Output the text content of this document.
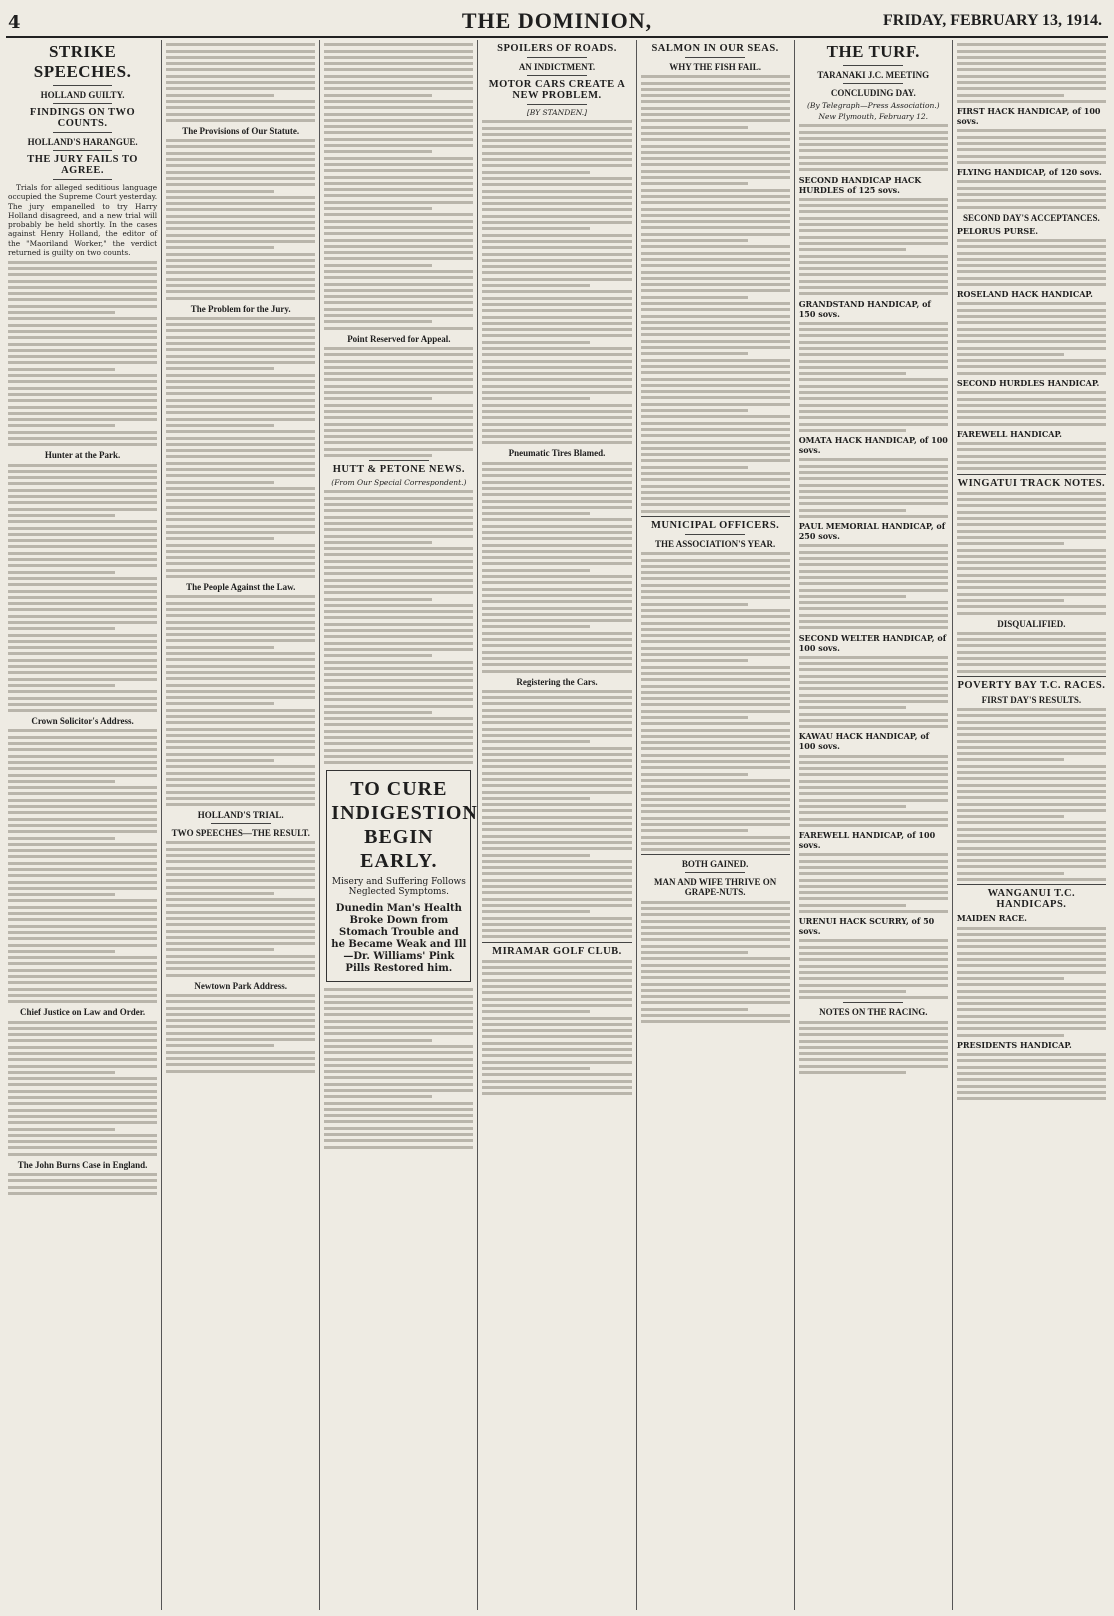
4	THE DOMINION,	FRIDAY, FEBRUARY 13, 1914.
STRIKE SPEECHES.
HOLLAND GUILTY.
FINDINGS ON TWO COUNTS.
HOLLAND'S HARANGUE.
THE JURY FAILS TO AGREE.

Trials for alleged seditious language occupied the Supreme Court yesterday. The jury empanelled to try Harry Holland disagreed, and a new trial will probably be held shortly. In the cases against Henry Holland, the editor of the "Maoriland Worker," the verdict returned is guilty on two counts.

Hunter at the Park.
Crown Solicitor's Address.
Chief Justice on Law and Order.
The John Burns Case in England.
The Provisions of Our Statute.
The Problem for the Jury.
The People Against the Law.
HOLLAND'S TRIAL.
TWO SPEECHES—THE RESULT.
Newtown Park Address.
Point Reserved for Appeal.
HUTT & PETONE NEWS.
(From Our Special Correspondent.)
TO CURE INDIGESTION
BEGIN EARLY.
Misery and Suffering Follows Neglected Symptoms.
Dunedin Man's Health Broke Down from Stomach Trouble and he Became Weak and Ill—Dr. Williams' Pink Pills Restored him.
SPOILERS OF ROADS.
AN INDICTMENT.
MOTOR CARS CREATE A NEW PROBLEM.
[BY STANDEN.]
Pneumatic Tires Blamed.
Registering the Cars.
MIRAMAR GOLF CLUB.
SALMON IN OUR SEAS.
WHY THE FISH FAIL.
MUNICIPAL OFFICERS.
THE ASSOCIATION'S YEAR.
BOTH GAINED.
MAN AND WIFE THRIVE ON GRAPE-NUTS.
THE TURF.
TARANAKI J.C. MEETING
CONCLUDING DAY.
(By Telegraph—Press Association.)
New Plymouth, February 12.
SECOND HANDICAP HACK HURDLES of 125 sovs.
GRANDSTAND HANDICAP, of 150 sovs.
OMATA HACK HANDICAP, of 100 sovs.
PAUL MEMORIAL HANDICAP, of 250 sovs.
SECOND WELTER HANDICAP, of 100 sovs.
KAWAU HACK HANDICAP, of 100 sovs.
FAREWELL HANDICAP, of 100 sovs.
URENUI HACK SCURRY, of 50 sovs.
NOTES ON THE RACING.
FIRST HACK HANDICAP, of 100 sovs.
FLYING HANDICAP, of 120 sovs.
SECOND DAY'S ACCEPTANCES.
PELORUS PURSE.
ROSELAND HACK HANDICAP.
SECOND HURDLES HANDICAP.
FAREWELL HANDICAP.
WINGATUI TRACK NOTES.
DISQUALIFIED.
POVERTY BAY T.C. RACES.
FIRST DAY'S RESULTS.
WANGANUI T.C. HANDICAPS.
MAIDEN RACE.
PRESIDENTS HANDICAP.
